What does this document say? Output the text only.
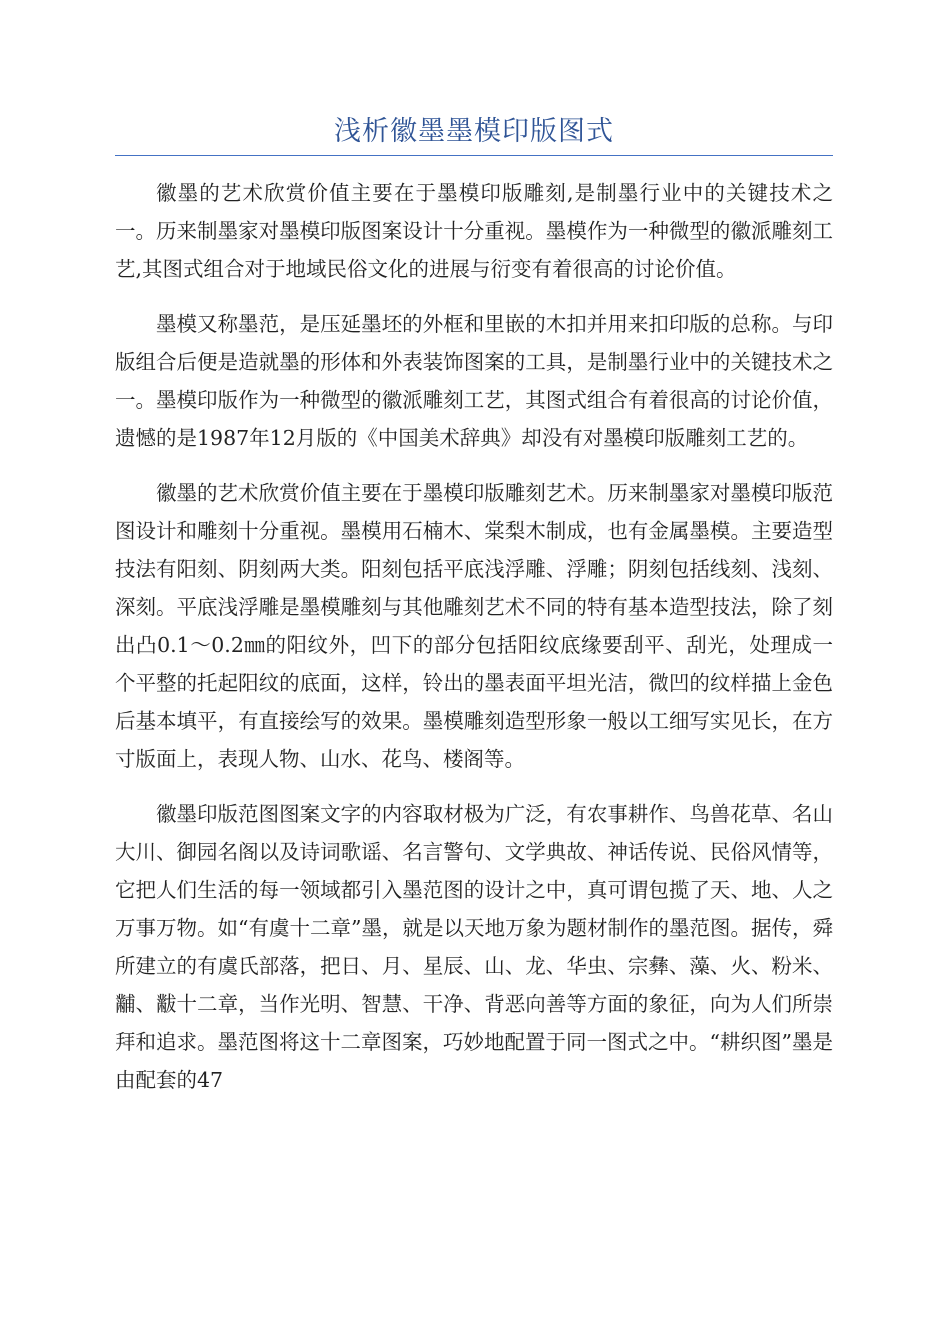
浅析徽墨墨模印版图式

徽墨的艺术欣赏价值主要在于墨模印版雕刻,是制墨行业中的关键技术之一。历来制墨家对墨模印版图案设计十分重视。墨模作为一种微型的徽派雕刻工艺,其图式组合对于地域民俗文化的进展与衍变有着很高的讨论价值。

墨模又称墨范，是压延墨坯的外框和里嵌的木扣并用来扣印版的总称。与印版组合后便是造就墨的形体和外表装饰图案的工具，是制墨行业中的关键技术之一。墨模印版作为一种微型的徽派雕刻工艺，其图式组合有着很高的讨论价值，遗憾的是1987年12月版的《中国美术辞典》却没有对墨模印版雕刻工艺的。

徽墨的艺术欣赏价值主要在于墨模印版雕刻艺术。历来制墨家对墨模印版范图设计和雕刻十分重视。墨模用石楠木、棠梨木制成，也有金属墨模。主要造型技法有阳刻、阴刻两大类。阳刻包括平底浅浮雕、浮雕；阴刻包括线刻、浅刻、深刻。平底浅浮雕是墨模雕刻与其他雕刻艺术不同的特有基本造型技法，除了刻出凸0.1～0.2㎜的阳纹外，凹下的部分包括阳纹底缘要刮平、刮光，处理成一个平整的托起阳纹的底面，这样，铃出的墨表面平坦光洁，微凹的纹样描上金色后基本填平，有直接绘写的效果。墨模雕刻造型形象一般以工细写实见长，在方寸版面上，表现人物、山水、花鸟、楼阁等。

徽墨印版范图图案文字的内容取材极为广泛，有农事耕作、鸟兽花草、名山大川、御园名阁以及诗词歌谣、名言警句、文学典故、神话传说、民俗风情等，它把人们生活的每一领域都引入墨范图的设计之中，真可谓包揽了天、地、人之万事万物。如“有虞十二章”墨，就是以天地万象为题材制作的墨范图。据传，舜所建立的有虞氏部落，把日、月、星辰、山、龙、华虫、宗彝、藻、火、粉米、黼、黻十二章，当作光明、智慧、干净、背恶向善等方面的象征，向为人们所崇拜和追求。墨范图将这十二章图案，巧妙地配置于同一图式之中。“耕织图”墨是由配套的47
